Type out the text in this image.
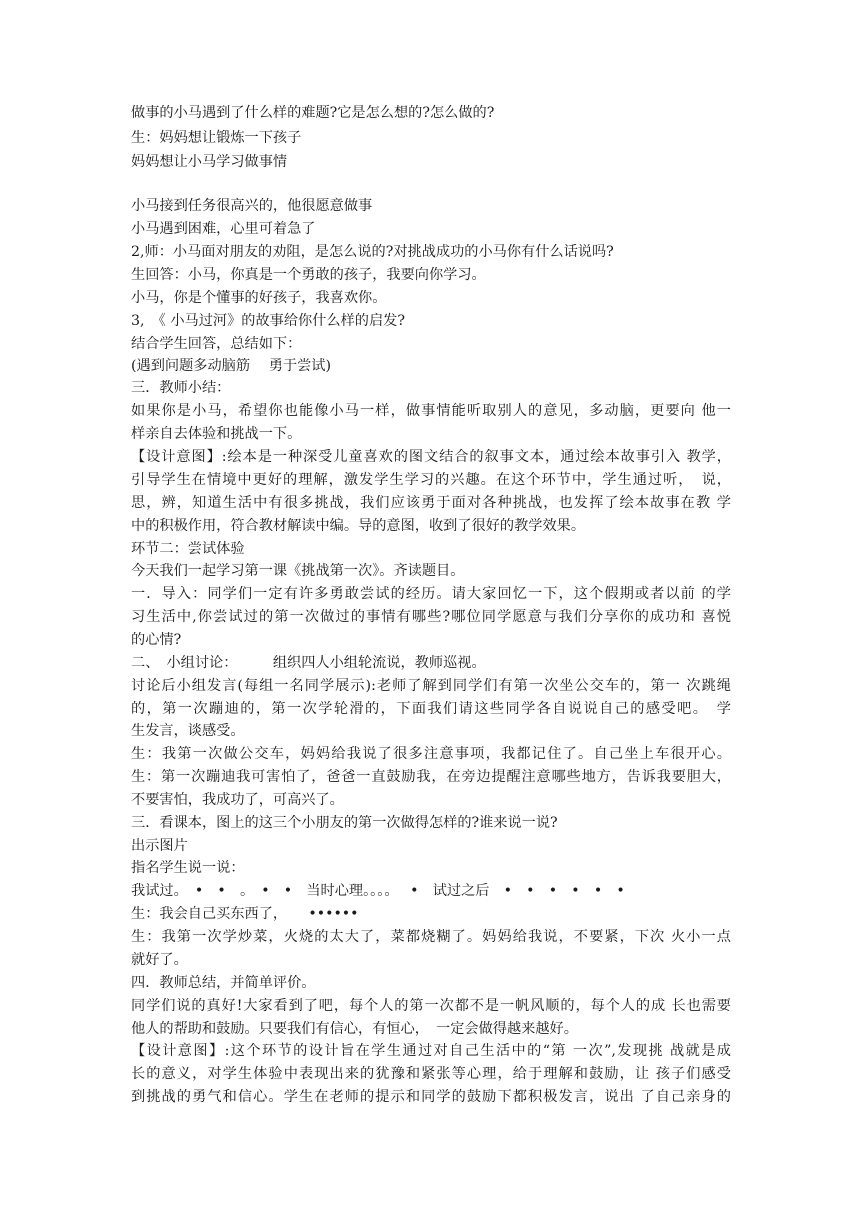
做事的小马遇到了什么样的难题?它是怎么想的?怎么做的?
生：妈妈想让锻炼一下孩子
妈妈想让小马学习做事情
小马接到任务很高兴的，他很愿意做事
小马遇到困难，心里可着急了
2,师：小马面对朋友的劝阻，是怎么说的?对挑战成功的小马你有什么话说吗?
生回答：小马，你真是一个勇敢的孩子，我要向你学习。
小马，你是个懂事的好孩子，我喜欢你。
3,　《 小马过河》的故事给你什么样的启发?
结合学生回答，总结如下：
(遇到问题多动脑筋　 勇于尝试)
三．教师小结：
如果你是小马，希望你也能像小马一样，做事情能听取别人的意见，多动脑，更要向 他一
样亲自去体验和挑战一下。
【设计意图】:绘本是一种深受儿童喜欢的图文结合的叙事文本，通过绘本故事引入 教学，
引导学生在情境中更好的理解，激发学生学习的兴趣。在这个环节中，学生通过听，　说，
思，辨，知道生活中有很多挑战，我们应该勇于面对各种挑战，也发挥了绘本故事在教 学
中的积极作用，符合教材解读中编。导的意图，收到了很好的教学效果。
环节二：尝试体验
今天我们一起学习第一课《挑战第一次》。齐读题目。
一．导入：同学们一定有许多勇敢尝试的经历。请大家回忆一下，这个假期或者以前 的学
习生活中,你尝试过的第一次做过的事情有哪些?哪位同学愿意与我们分享你的成功和 喜悦
的心情?
二、　小组讨论：　　　组织四人小组轮流说，教师巡视。
讨论后小组发言(每组一名同学展示):老师了解到同学们有第一次坐公交车的，第一 次跳绳
的，第一次蹦迪的，第一次学轮滑的，下面我们请这些同学各自说说自己的感受吧。　学
生发言，谈感受。
生：我第一次做公交车，妈妈给我说了很多注意事项，我都记住了。自己坐上车很开心。
生：第一次蹦迪我可害怕了，爸爸一直鼓励我，在旁边提醒注意哪些地方，告诉我要胆大，
不要害怕，我成功了，可高兴了。
三．看课本，图上的这三个小朋友的第一次做得怎样的?谁来说一说?
出示图片
指名学生说一说：
我试过。　•　•　。　•　•　当时心理。。。。　 •　试过之后　•　•　•　•　•　•
生：我会自己买东西了，　　••••••
生：我第一次学炒菜，火烧的太大了，菜都烧糊了。妈妈给我说，不要紧，下次 火小一点
就好了。
四．教师总结，并简单评价。
同学们说的真好!大家看到了吧，每个人的第一次都不是一帆风顺的，每个人的成 长也需要
他人的帮助和鼓励。只要我们有信心，有恒心，　一定会做得越来越好。
【设计意图】:这个环节的设计旨在学生通过对自己生活中的“第 一次”,发现挑 战就是成
长的意义，对学生体验中表现出来的犹豫和紧张等心理，给于理解和鼓励，让 孩子们感受
到挑战的勇气和信心。学生在老师的提示和同学的鼓励下都积极发言，说出 了自己亲身的
